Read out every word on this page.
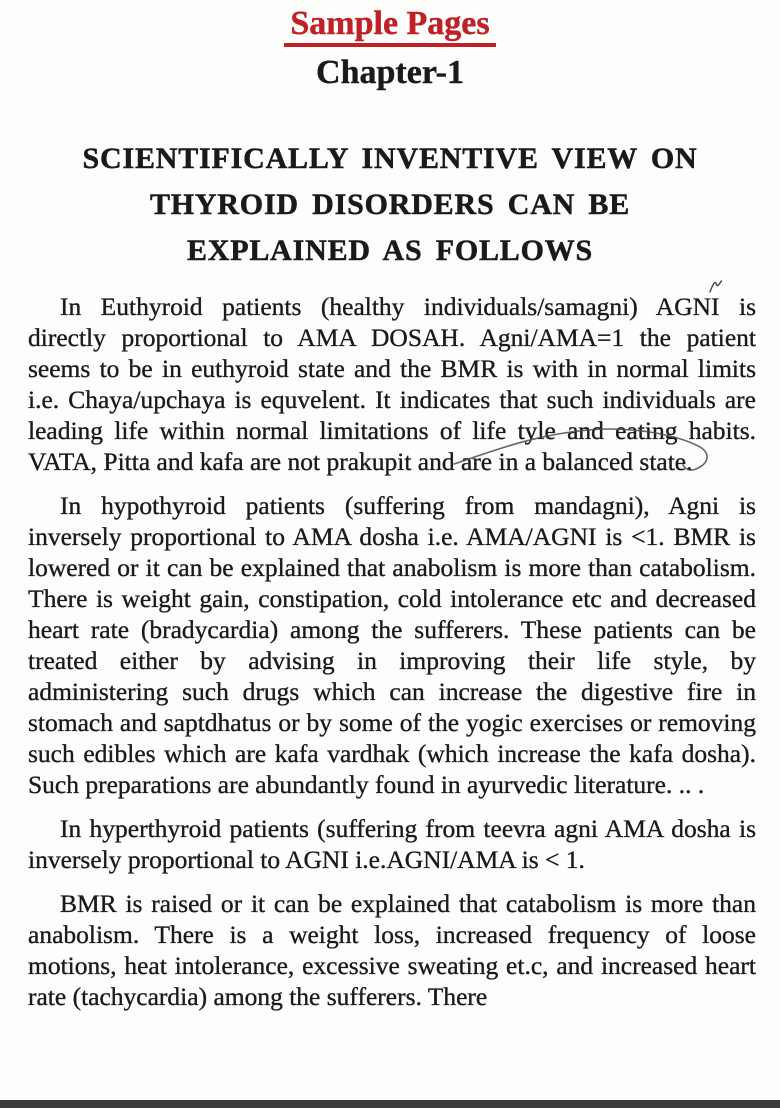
Sample Pages
Chapter-1
SCIENTIFICALLY INVENTIVE VIEW ON
THYROID DISORDERS CAN BE
EXPLAINED AS FOLLOWS

In Euthyroid patients (healthy individuals/samagni) AGNI is directly proportional to AMA DOSAH. Agni/AMA=1 the patient seems to be in euthyroid state and the BMR is with in normal limits i.e. Chaya/upchaya is equvelent. It indicates that such individuals are leading life within normal limitations of life tyle and eating habits. VATA, Pitta and kafa are not prakupit and are in a balanced state.

In hypothyroid patients (suffering from mandagni), Agni is inversely proportional to AMA dosha i.e. AMA/AGNI is <1. BMR is lowered or it can be explained that anabolism is more than catabolism. There is weight gain, constipation, cold intolerance etc and decreased heart rate (bradycardia) among the sufferers. These patients can be treated either by advising in improving their life style, by administering such drugs which can increase the digestive fire in stomach and saptdhatus or by some of the yogic exercises or removing such edibles which are kafa vardhak (which increase the kafa dosha). Such preparations are abundantly found in ayurvedic literature. .. .

In hyperthyroid patients (suffering from teevra agni AMA dosha is inversely proportional to AGNI i.e.AGNI/AMA is < 1.

BMR is raised or it can be explained that catabolism is more than anabolism. There is a weight loss, increased frequency of loose motions, heat intolerance, excessive sweating et.c, and increased heart rate (tachycardia) among the sufferers. There
